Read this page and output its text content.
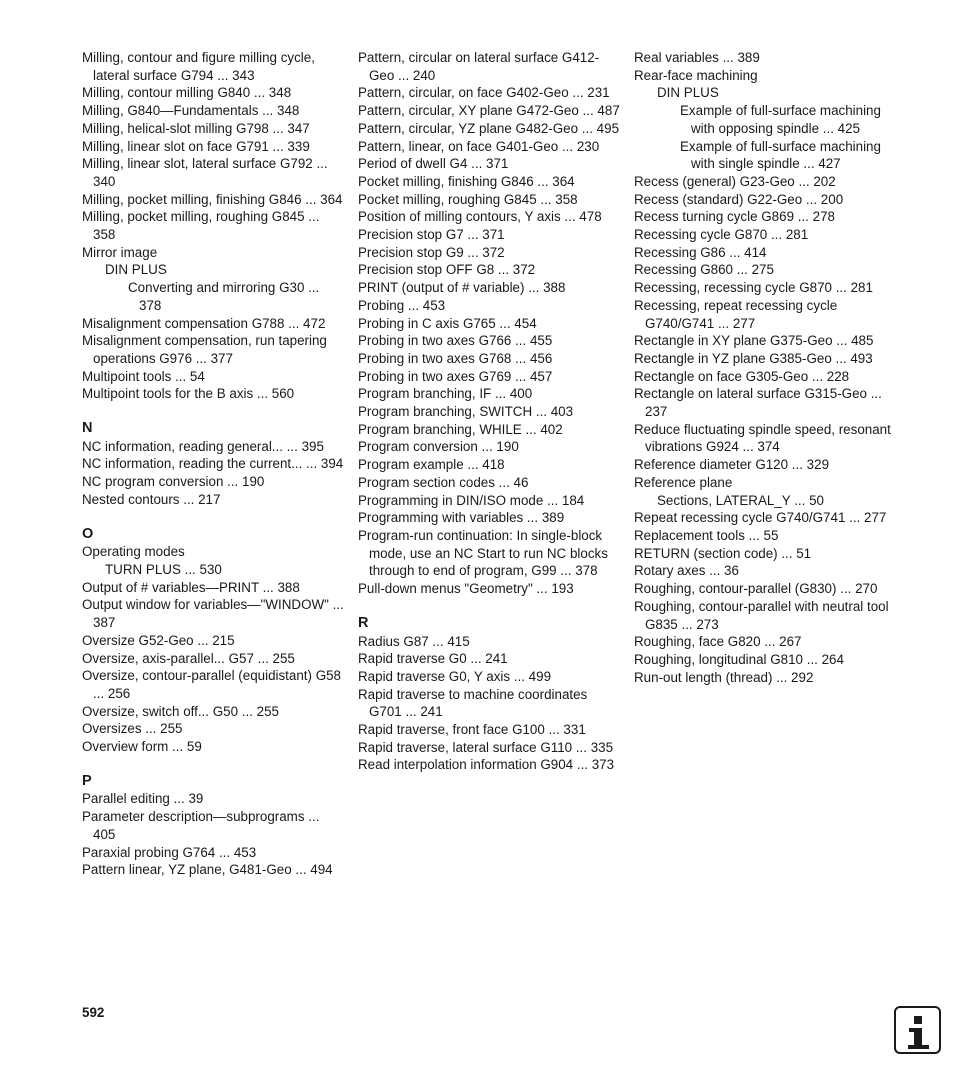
Milling, contour and figure milling cycle, lateral surface G794 ... 343
Milling, contour milling G840 ... 348
Milling, G840—Fundamentals ... 348
Milling, helical-slot milling G798 ... 347
Milling, linear slot on face G791 ... 339
Milling, linear slot, lateral surface G792 ... 340
Milling, pocket milling, finishing G846 ... 364
Milling, pocket milling, roughing G845 ... 358
Mirror image
DIN PLUS
Converting and mirroring G30 ... 378
Misalignment compensation G788 ... 472
Misalignment compensation, run tapering operations G976 ... 377
Multipoint tools ... 54
Multipoint tools for the B axis ... 560
N
NC information, reading general... ... 395
NC information, reading the current... ... 394
NC program conversion ... 190
Nested contours ... 217
O
Operating modes
TURN PLUS ... 530
Output of # variables—PRINT ... 388
Output window for variables—"WINDOW" ... 387
Oversize G52-Geo ... 215
Oversize, axis-parallel... G57 ... 255
Oversize, contour-parallel (equidistant) G58 ... 256
Oversize, switch off... G50 ... 255
Oversizes ... 255
Overview form ... 59
P
Parallel editing ... 39
Parameter description—subprograms ... 405
Paraxial probing G764 ... 453
Pattern linear, YZ plane, G481-Geo ... 494
Pattern, circular on lateral surface G412-Geo ... 240
Pattern, circular, on face G402-Geo ... 231
Pattern, circular, XY plane G472-Geo ... 487
Pattern, circular, YZ plane G482-Geo ... 495
Pattern, linear, on face G401-Geo ... 230
Period of dwell G4 ... 371
Pocket milling, finishing G846 ... 364
Pocket milling, roughing G845 ... 358
Position of milling contours, Y axis ... 478
Precision stop G7 ... 371
Precision stop G9 ... 372
Precision stop OFF G8 ... 372
PRINT (output of # variable) ... 388
Probing ... 453
Probing in C axis G765 ... 454
Probing in two axes G766 ... 455
Probing in two axes G768 ... 456
Probing in two axes G769 ... 457
Program branching, IF ... 400
Program branching, SWITCH ... 403
Program branching, WHILE ... 402
Program conversion ... 190
Program example ... 418
Program section codes ... 46
Programming in DIN/ISO mode ... 184
Programming with variables ... 389
Program-run continuation: In single-block mode, use an NC Start to run NC blocks through to end of program, G99 ... 378
Pull-down menus "Geometry" ... 193
R
Radius G87 ... 415
Rapid traverse G0 ... 241
Rapid traverse G0, Y axis ... 499
Rapid traverse to machine coordinates G701 ... 241
Rapid traverse, front face G100 ... 331
Rapid traverse, lateral surface G110 ... 335
Read interpolation information G904 ... 373
Real variables ... 389
Rear-face machining
DIN PLUS
Example of full-surface machining with opposing spindle ... 425
Example of full-surface machining with single spindle ... 427
Recess (general) G23-Geo ... 202
Recess (standard) G22-Geo ... 200
Recess turning cycle G869 ... 278
Recessing cycle G870 ... 281
Recessing G86 ... 414
Recessing G860 ... 275
Recessing, recessing cycle G870 ... 281
Recessing, repeat recessing cycle G740/G741 ... 277
Rectangle in XY plane G375-Geo ... 485
Rectangle in YZ plane G385-Geo ... 493
Rectangle on face G305-Geo ... 228
Rectangle on lateral surface G315-Geo ... 237
Reduce fluctuating spindle speed, resonant vibrations G924 ... 374
Reference diameter G120 ... 329
Reference plane
Sections, LATERAL_Y ... 50
Repeat recessing cycle G740/G741 ... 277
Replacement tools ... 55
RETURN (section code) ... 51
Rotary axes ... 36
Roughing, contour-parallel (G830) ... 270
Roughing, contour-parallel with neutral tool G835 ... 273
Roughing, face G820 ... 267
Roughing, longitudinal G810 ... 264
Run-out length (thread) ... 292
592
